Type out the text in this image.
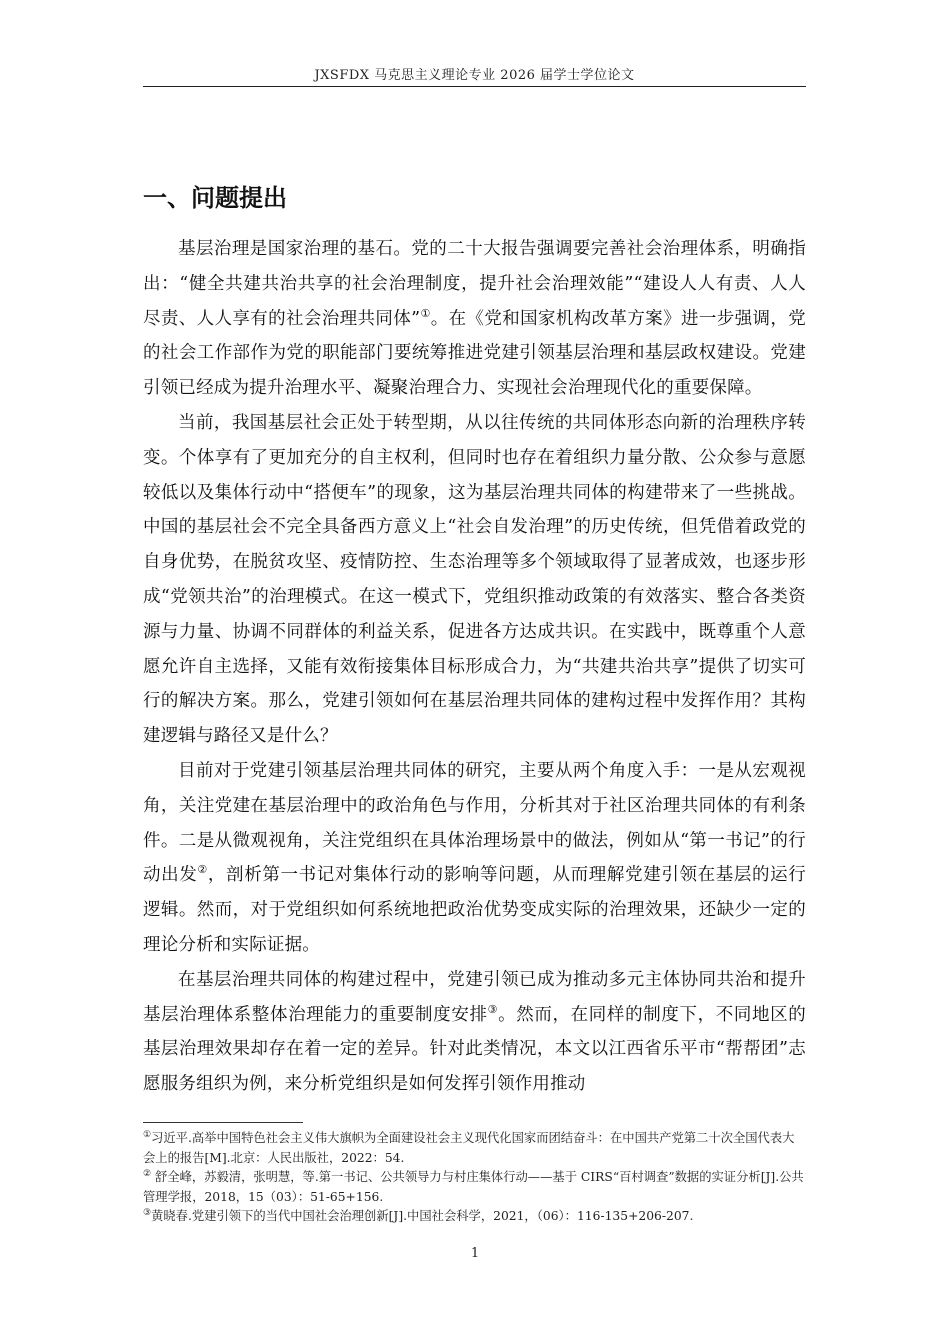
JXSFDX 马克思主义理论专业 2026 届学士学位论文
一、问题提出

基层治理是国家治理的基石。党的二十大报告强调要完善社会治理体系，明确指出：“健全共建共治共享的社会治理制度，提升社会治理效能”“建设人人有责、人人尽责、人人享有的社会治理共同体”①。在《党和国家机构改革方案》进一步强调，党的社会工作部作为党的职能部门要统筹推进党建引领基层治理和基层政权建设。党建引领已经成为提升治理水平、凝聚治理合力、实现社会治理现代化的重要保障。

当前，我国基层社会正处于转型期，从以往传统的共同体形态向新的治理秩序转变。个体享有了更加充分的自主权利，但同时也存在着组织力量分散、公众参与意愿较低以及集体行动中“搭便车”的现象，这为基层治理共同体的构建带来了一些挑战。中国的基层社会不完全具备西方意义上“社会自发治理”的历史传统，但凭借着政党的自身优势，在脱贫攻坚、疫情防控、生态治理等多个领域取得了显著成效，也逐步形成“党领共治”的治理模式。在这一模式下，党组织推动政策的有效落实、整合各类资源与力量、协调不同群体的利益关系，促进各方达成共识。在实践中，既尊重个人意愿允许自主选择，又能有效衔接集体目标形成合力，为“共建共治共享”提供了切实可行的解决方案。那么，党建引领如何在基层治理共同体的建构过程中发挥作用？其构建逻辑与路径又是什么？

目前对于党建引领基层治理共同体的研究，主要从两个角度入手：一是从宏观视角，关注党建在基层治理中的政治角色与作用，分析其对于社区治理共同体的有利条件。二是从微观视角，关注党组织在具体治理场景中的做法，例如从“第一书记”的行动出发②，剖析第一书记对集体行动的影响等问题，从而理解党建引领在基层的运行逻辑。然而，对于党组织如何系统地把政治优势变成实际的治理效果，还缺少一定的理论分析和实际证据。

在基层治理共同体的构建过程中，党建引领已成为推动多元主体协同共治和提升基层治理体系整体治理能力的重要制度安排③。然而，在同样的制度下，不同地区的基层治理效果却存在着一定的差异。针对此类情况，本文以江西省乐平市“帮帮团”志愿服务组织为例，来分析党组织是如何发挥引领作用推动

①习近平.高举中国特色社会主义伟大旗帜为全面建设社会主义现代化国家而团结奋斗：在中国共产党第二十次全国代表大会上的报告[M].北京：人民出版社，2022：54.

② 舒全峰，苏毅清，张明慧，等.第一书记、公共领导力与村庄集体行动——基于 CIRS“百村调查”数据的实证分析[J].公共管理学报，2018，15（03）：51-65+156.

③黄晓春.党建引领下的当代中国社会治理创新[J].中国社会科学，2021，（06）：116-135+206-207.

1
